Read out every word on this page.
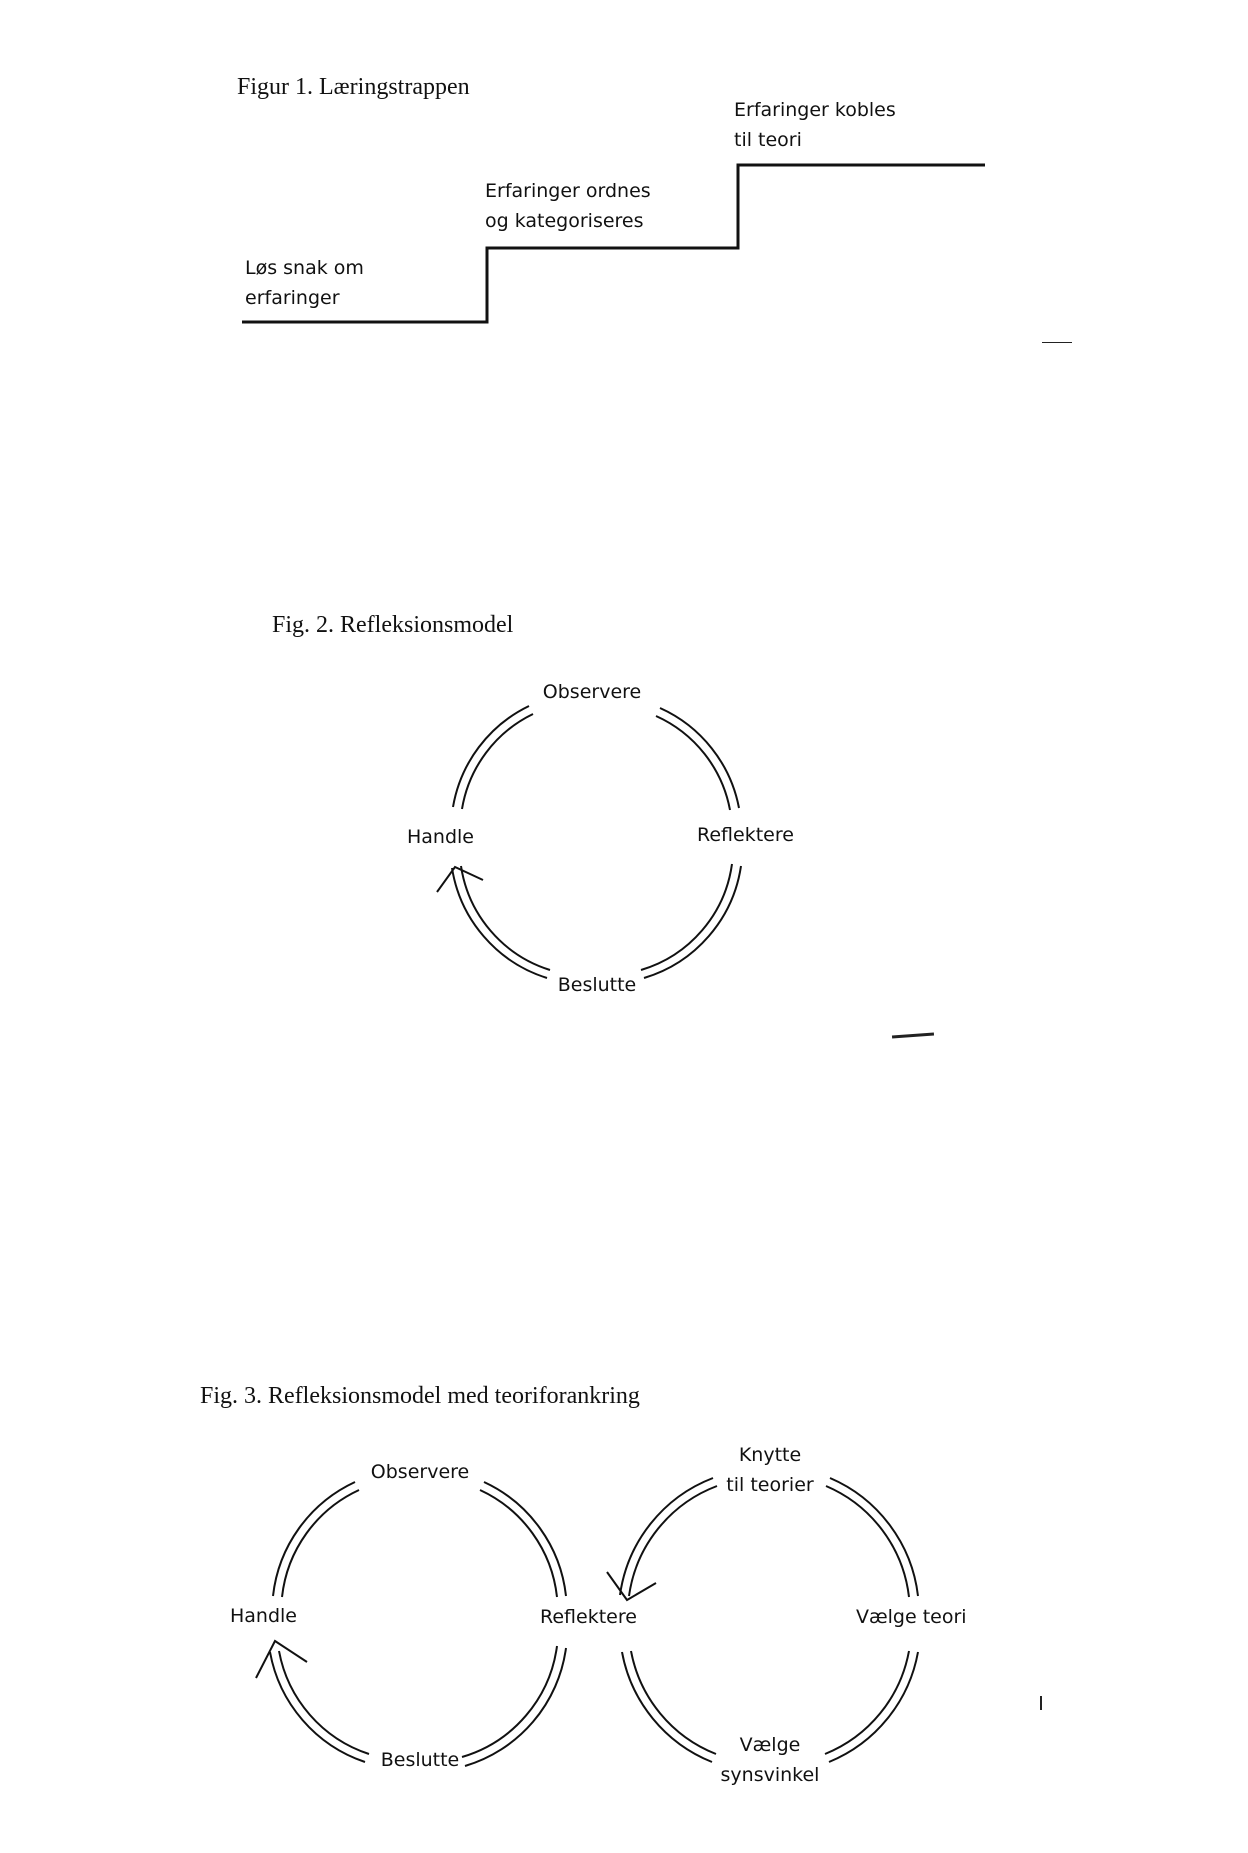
Figur 1. Læringstrappen
Løs snak om
erfaringer
Erfaringer ordnes
og kategoriseres
Erfaringer kobles
til teori
Fig. 2. Refleksionsmodel
Observere
Reflektere
Beslutte
Handle
Fig. 3. Refleksionsmodel med teoriforankring
Observere
Handle
Beslutte
Reflektere
Knytte
til teorier
Vælge teori
Vælge
synsvinkel
